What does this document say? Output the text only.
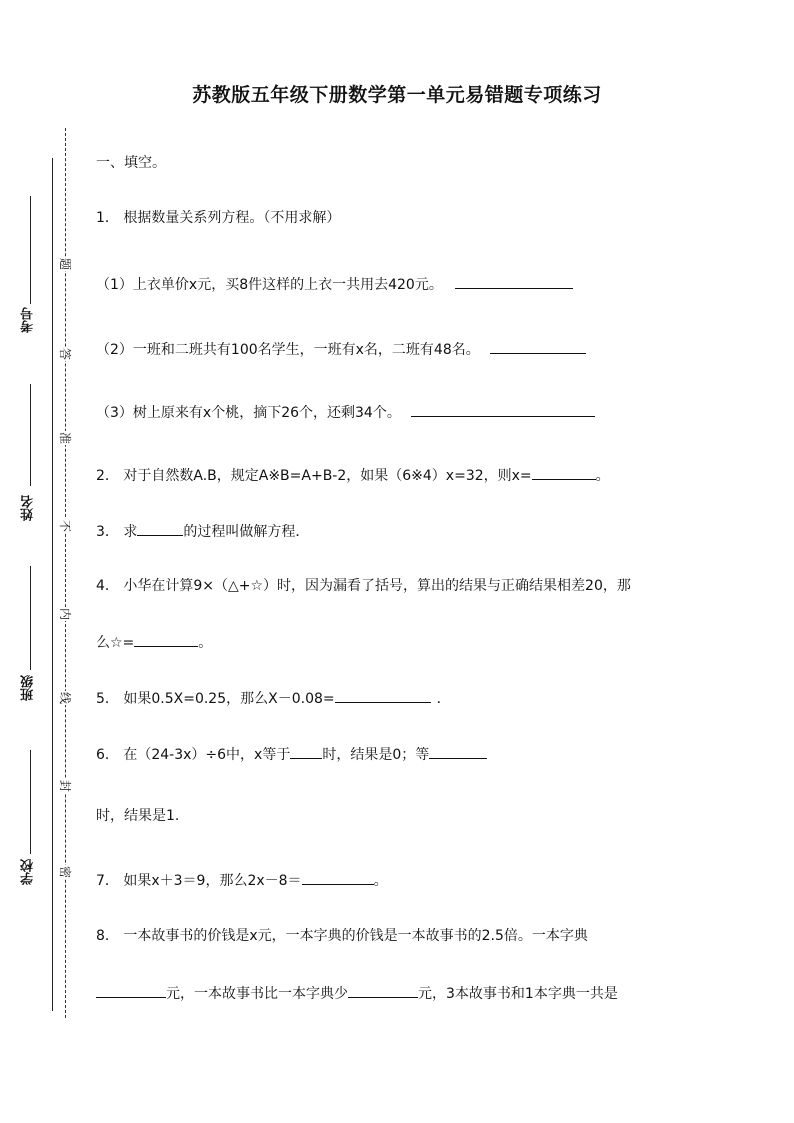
苏教版五年级下册数学第一单元易错题专项练习
考号
姓名
班级
学校
题
答
准
不
内
线
封
密
一、填空。
1． 根据数量关系列方程。（不用求解）
（1）上衣单价x元，买8件这样的上衣一共用去420元。
（2）一班和二班共有100名学生，一班有x名，二班有48名。
（3）树上原来有x个桃，摘下26个，还剩34个。
2． 对于自然数A.B，规定A※B=A+B-2，如果（6※4）x=32，则x=	。
3． 求	的过程叫做解方程．
4． 小华在计算9×（△+☆）时，因为漏看了括号，算出的结果与正确结果相差20，那
么☆=	。
5． 如果0.5X=0.25，那么X－0.08=	．
6． 在（24-3x）÷6中，x等于 时，结果是0；等
时，结果是1.
7． 如果x＋3＝9，那么2x－8＝	。
8． 一本故事书的价钱是x元，一本字典的价钱是一本故事书的2.5倍。一本字典
元，一本故事书比一本字典少	元，3本故事书和1本字典一共是
